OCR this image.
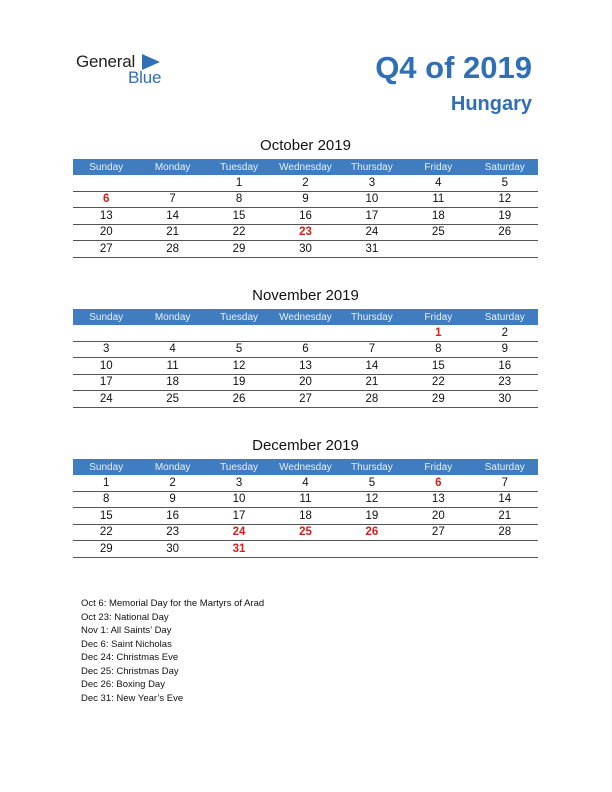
General
Blue	Q4 of 2019
Hungary
October 2019
Sunday	Monday	Tuesday	Wednesday	Thursday	Friday	Saturday
		1	2	3	4	5
6	7	8	9	10	11	12
13	14	15	16	17	18	19
20	21	22	23	24	25	26
27	28	29	30	31		
November 2019
Sunday	Monday	Tuesday	Wednesday	Thursday	Friday	Saturday
					1	2
3	4	5	6	7	8	9
10	11	12	13	14	15	16
17	18	19	20	21	22	23
24	25	26	27	28	29	30
December 2019
Sunday	Monday	Tuesday	Wednesday	Thursday	Friday	Saturday
1	2	3	4	5	6	7
8	9	10	11	12	13	14
15	16	17	18	19	20	21
22	23	24	25	26	27	28
29	30	31				
Oct 6: Memorial Day for the Martyrs of Arad
Oct 23: National Day
Nov 1: All Saints’ Day
Dec 6: Saint Nicholas
Dec 24: Christmas Eve
Dec 25: Christmas Day
Dec 26: Boxing Day
Dec 31: New Year’s Eve
